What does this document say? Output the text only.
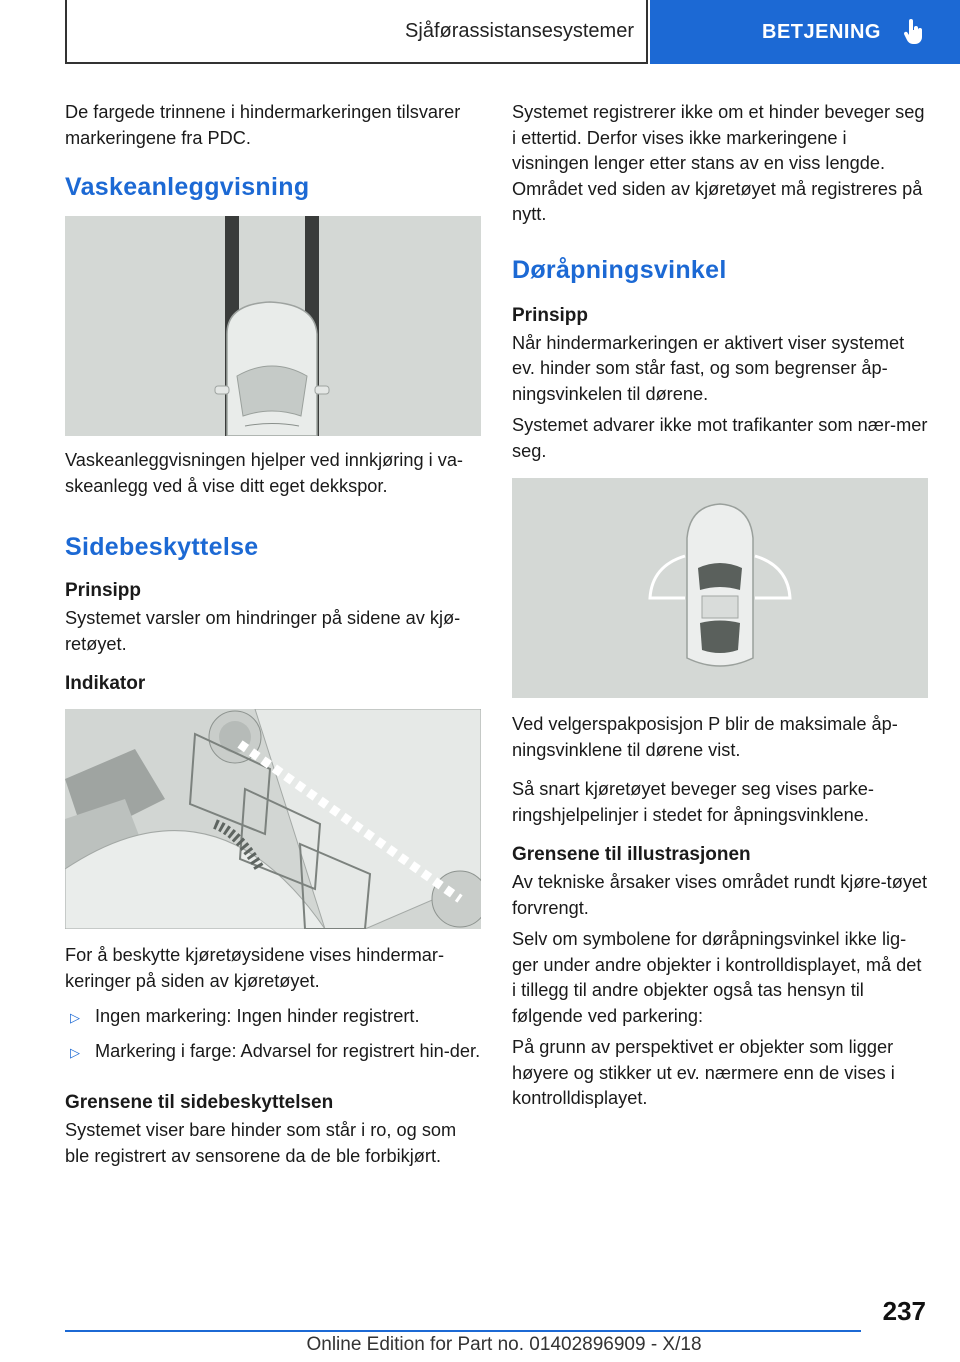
Sjåførassistansesystemer	BETJENING

De fargede trinnene i hindermarkeringen tilsvarer markeringene fra PDC.

Vaskeanleggvisning

Vaskeanleggvisningen hjelper ved innkjøring i va-skeanlegg ved å vise ditt eget dekkspor.

Sidebeskyttelse
Prinsipp

Systemet varsler om hindringer på sidene av kjø-retøyet.

Indikator

For å beskytte kjøretøysidene vises hindermar-keringer på siden av kjøretøyet.

▷ Ingen markering: Ingen hinder registrert.
▷ Markering i farge: Advarsel for registrert hin-der.
Grensene til sidebeskyttelsen

Systemet viser bare hinder som står i ro, og som ble registrert av sensorene da de ble forbikjørt.

Systemet registrerer ikke om et hinder beveger seg i ettertid. Derfor vises ikke markeringene i visningen lenger etter stans av en viss lengde. Området ved siden av kjøretøyet må registreres på nytt.

Døråpningsvinkel
Prinsipp

Når hindermarkeringen er aktivert viser systemet ev. hinder som står fast, og som begrenser åp-ningsvinkelen til dørene.

Systemet advarer ikke mot trafikanter som nær-mer seg.

Ved velgerspakposisjon P blir de maksimale åp-ningsvinklene til dørene vist.

Så snart kjøretøyet beveger seg vises parke-ringshjelpelinjer i stedet for åpningsvinklene.

Grensene til illustrasjonen

Av tekniske årsaker vises området rundt kjøre-tøyet forvrengt.

Selv om symbolene for døråpningsvinkel ikke lig-ger under andre objekter i kontrolldisplayet, må det i tillegg til andre objekter også tas hensyn til følgende ved parkering:

På grunn av perspektivet er objekter som ligger høyere og stikker ut ev. nærmere enn de vises i kontrolldisplayet.

237
Online Edition for Part no. 01402896909 - X/18
